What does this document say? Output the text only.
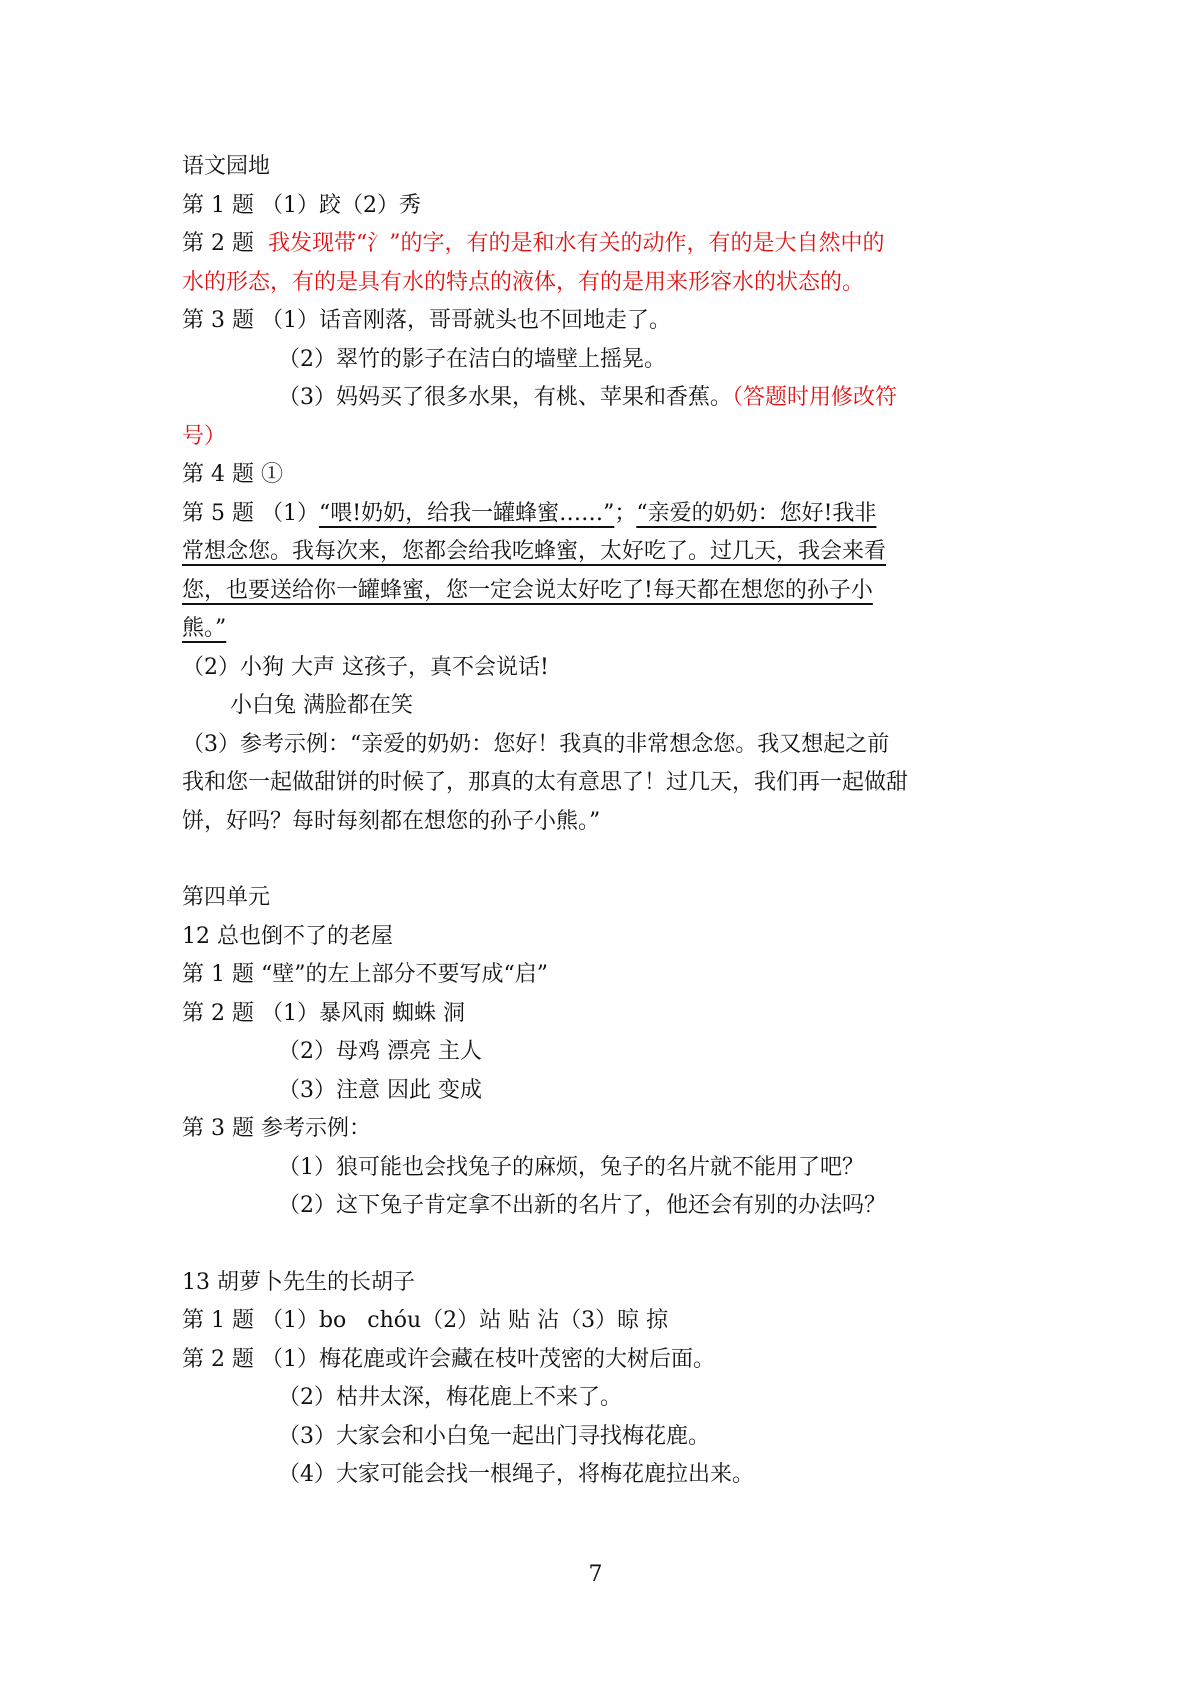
语文园地
第 1 题 （1）跤（2）秀
第 2 题  我发现带“氵”的字，有的是和水有关的动作，有的是大自然中的
水的形态，有的是具有水的特点的液体，有的是用来形容水的状态的。
第 3 题 （1）话音刚落，哥哥就头也不回地走了。
（2）翠竹的影子在洁白的墙壁上摇晃。
（3）妈妈买了很多水果，有桃、苹果和香蕉。（答题时用修改符
号）
第 4 题 ①
第 5 题 （1）“喂!奶奶，给我一罐蜂蜜……”；“亲爱的奶奶：您好!我非
常想念您。我每次来，您都会给我吃蜂蜜，太好吃了。过几天，我会来看
您，也要送给你一罐蜂蜜，您一定会说太好吃了!每天都在想您的孙子小
熊。”
（2）小狗 大声 这孩子，真不会说话!
小白兔 满脸都在笑
（3）参考示例：“亲爱的奶奶：您好！我真的非常想念您。我又想起之前
我和您一起做甜饼的时候了，那真的太有意思了！过几天，我们再一起做甜
饼，好吗？每时每刻都在想您的孙子小熊。”
第四单元
12 总也倒不了的老屋
第 1 题 “壁”的左上部分不要写成“启”
第 2 题 （1）暴风雨 蜘蛛 洞
（2）母鸡 漂亮 主人
（3）注意 因此 变成
第 3 题 参考示例：
（1）狼可能也会找兔子的麻烦，兔子的名片就不能用了吧？
（2）这下兔子肯定拿不出新的名片了，他还会有别的办法吗？
13 胡萝卜先生的长胡子
第 1 题 （1）bo   chóu（2）站 贴 沾（3）晾 掠
第 2 题 （1）梅花鹿或许会藏在枝叶茂密的大树后面。
（2）枯井太深，梅花鹿上不来了。
（3）大家会和小白兔一起出门寻找梅花鹿。
（4）大家可能会找一根绳子，将梅花鹿拉出来。
7
